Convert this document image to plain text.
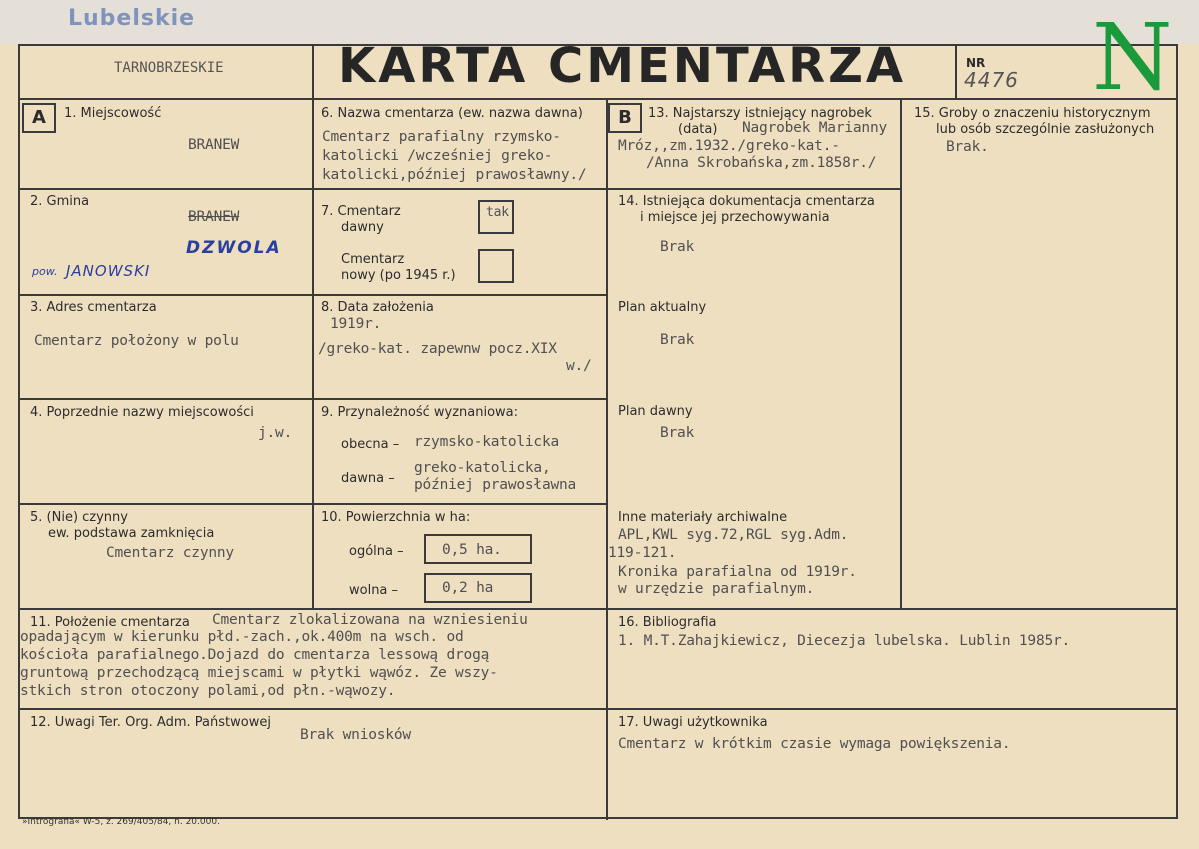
Lubelskie
TARNOBRZESKIE KARTA CMENTARZA	NR
4476 N
A	1. Miejscowość
BRANEW
2. Gmina
BRANEW
DZWOLA
pow. JANOWSKI
3. Adres cmentarza
Cmentarz położony w polu
4. Poprzednie nazwy miejscowości
j.w.
5. (Nie) czynny
ew. podstawa zamknięcia
Cmentarz czynny
6. Nazwa cmentarza (ew. nazwa dawna)
Cmentarz parafialny rzymsko-
katolicki /wcześniej greko-
katolicki,później prawosławny./
7. Cmentarz
dawny
tak
Cmentarz
nowy (po 1945 r.)
8. Data założenia
1919r.
/greko-kat. zapewnw pocz.XIX
w./
9. Przynależność wyznaniowa:
obecna – rzymsko-katolicka
dawna –
greko-katolicka,
później prawosławna
10. Powierzchnia w ha:
ogólna –	0,5 ha.
wolna –	0,2 ha
B	13. Najstarszy istniejący nagrobek
(data) Nagrobek Marianny
Mróz,,zm.1932./greko-kat.-
/Anna Skrobańska,zm.1858r./
14. Istniejąca dokumentacja cmentarza
i miejsce jej przechowywania
Brak
Plan aktualny
Brak
Plan dawny
Brak
Inne materiały archiwalne
APL,KWL syg.72,RGL syg.Adm.
119-121.
Kronika parafialna od 1919r.
w urzędzie parafialnym.
15. Groby o znaczeniu historycznym
lub osób szczególnie zasłużonych
Brak.
11. Położenie cmentarza Cmentarz zlokalizowana na wzniesieniu
opadającym w kierunku płd.-zach.,ok.400m na wsch. od
kościoła parafialnego.Dojazd do cmentarza lessową drogą
gruntową przechodzącą miejscami w płytki wąwóz. Ze wszy-
stkich stron otoczony polami,od płn.-wąwozy.
16. Bibliografia
1. M.T.Zahajkiewicz, Diecezja lubelska. Lublin 1985r.
12. Uwagi Ter. Org. Adm. Państwowej
Brak wniosków
17. Uwagi użytkownika
Cmentarz w krótkim czasie wymaga powiększenia.
»Intrografia« W-5, z. 269/405/84, n. 20.000.
